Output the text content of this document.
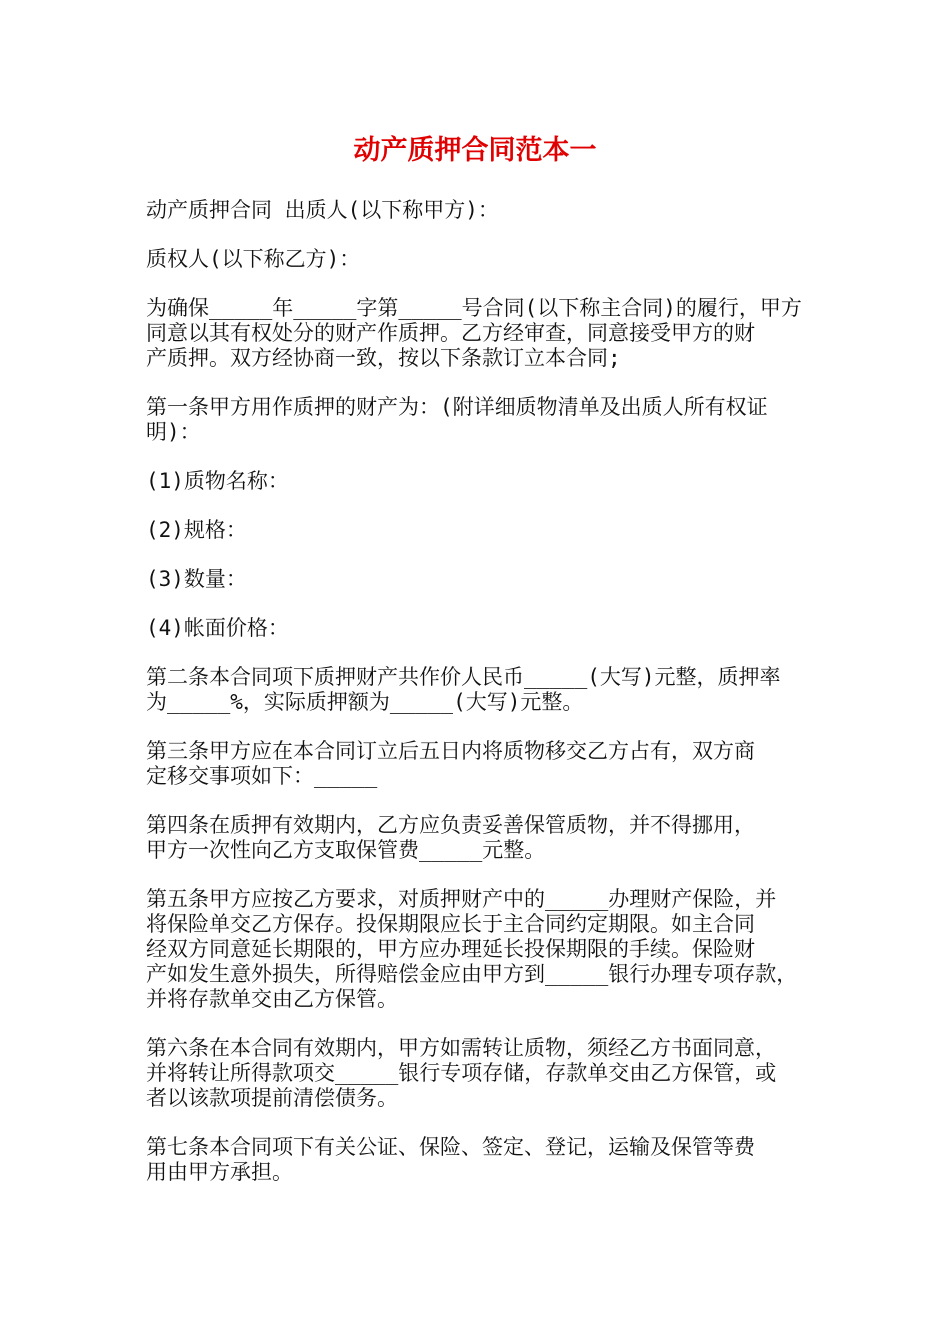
动产质押合同范本一

动产质押合同 出质人(以下称甲方)：

质权人(以下称乙方)：

为确保_____年_____字第_____号合同(以下称主合同)的履行，甲方
同意以其有权处分的财产作质押。乙方经审查，同意接受甲方的财
产质押。双方经协商一致，按以下条款订立本合同;

第一条甲方用作质押的财产为：(附详细质物清单及出质人所有权证
明)：

(1)质物名称：

(2)规格：

(3)数量：

(4)帐面价格：

第二条本合同项下质押财产共作价人民币_____(大写)元整，质押率
为_____%，实际质押额为_____(大写)元整。

第三条甲方应在本合同订立后五日内将质物移交乙方占有，双方商
定移交事项如下：_____

第四条在质押有效期内，乙方应负责妥善保管质物，并不得挪用，
甲方一次性向乙方支取保管费_____元整。

第五条甲方应按乙方要求，对质押财产中的_____办理财产保险，并
将保险单交乙方保存。投保期限应长于主合同约定期限。如主合同
经双方同意延长期限的，甲方应办理延长投保期限的手续。保险财
产如发生意外损失，所得赔偿金应由甲方到_____银行办理专项存款，
并将存款单交由乙方保管。

第六条在本合同有效期内，甲方如需转让质物，须经乙方书面同意，
并将转让所得款项交_____银行专项存储，存款单交由乙方保管，或
者以该款项提前清偿债务。

第七条本合同项下有关公证、保险、签定、登记，运输及保管等费
用由甲方承担。
